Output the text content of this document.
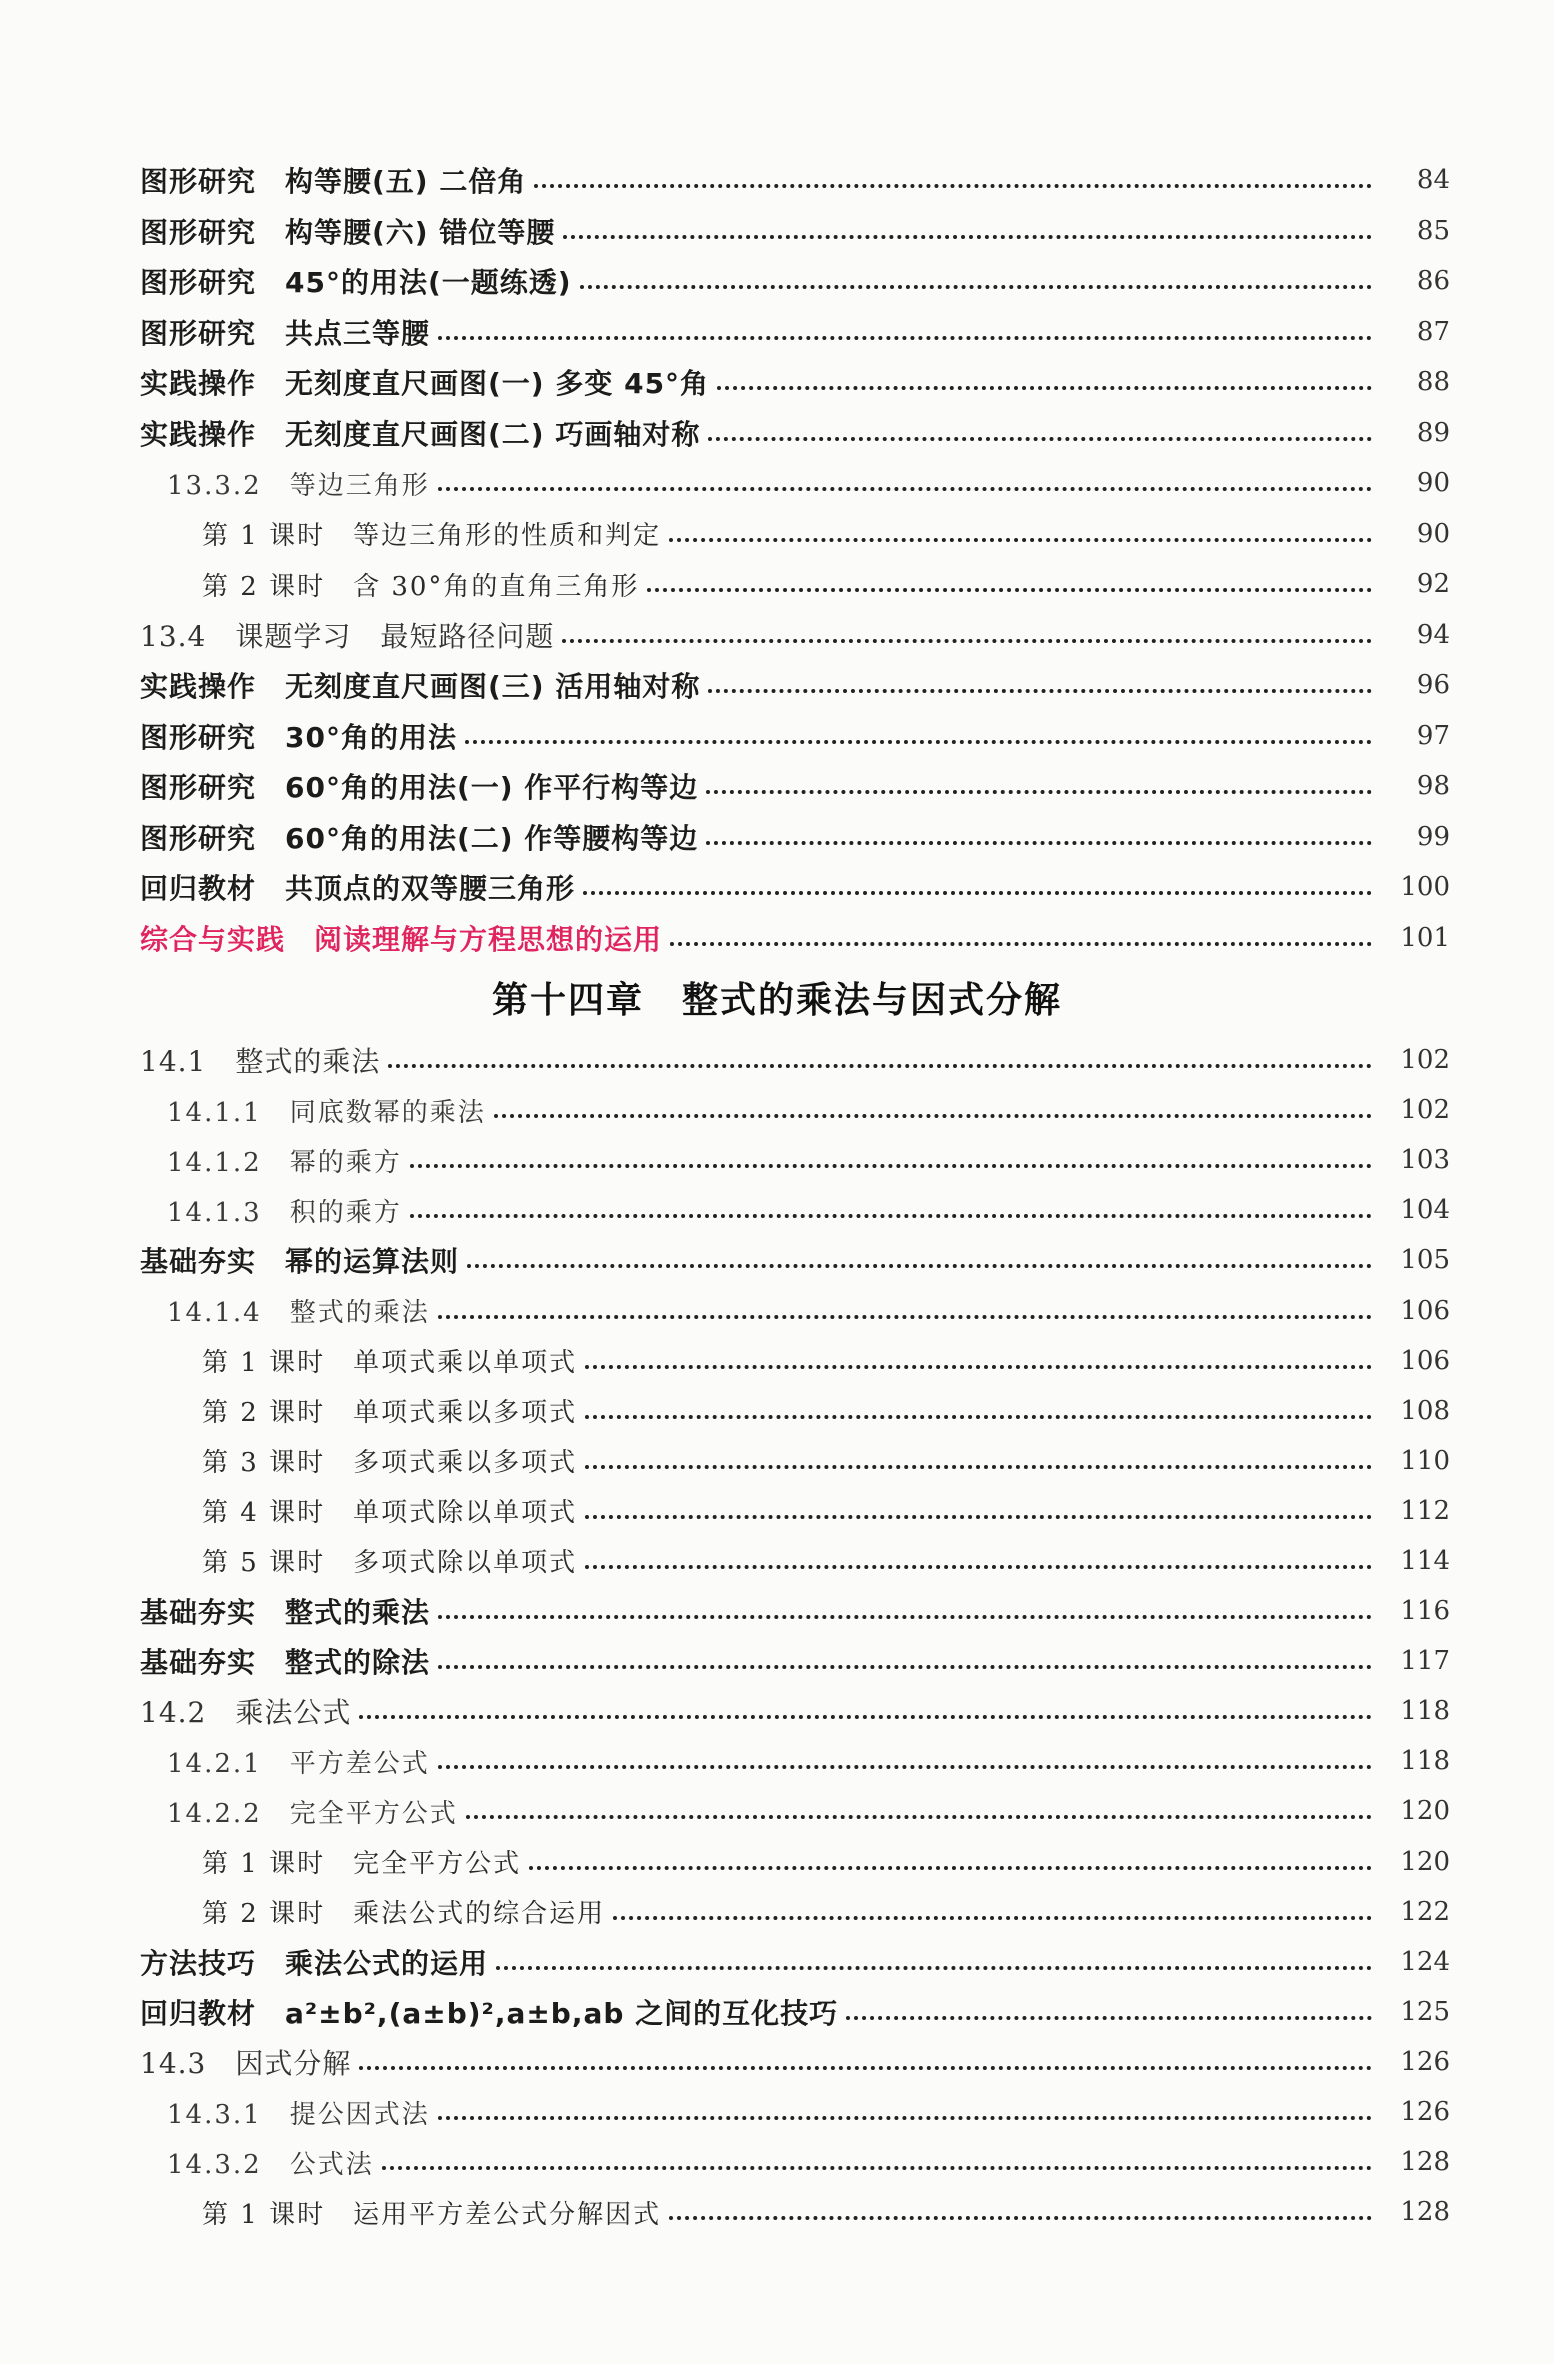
图形研究　构等腰(五) 二倍角	84
图形研究　构等腰(六) 错位等腰	85
图形研究　45°的用法(一题练透)	86
图形研究　共点三等腰	87
实践操作　无刻度直尺画图(一) 多变 45°角	88
实践操作　无刻度直尺画图(二) 巧画轴对称	89
13.3.2　等边三角形	90
第 1 课时　等边三角形的性质和判定	90
第 2 课时　含 30°角的直角三角形	92
13.4　课题学习　最短路径问题	94
实践操作　无刻度直尺画图(三) 活用轴对称	96
图形研究　30°角的用法	97
图形研究　60°角的用法(一) 作平行构等边	98
图形研究　60°角的用法(二) 作等腰构等边	99
回归教材　共顶点的双等腰三角形	100
综合与实践　阅读理解与方程思想的运用	101
第十四章　整式的乘法与因式分解
14.1　整式的乘法	102
14.1.1　同底数幂的乘法	102
14.1.2　幂的乘方	103
14.1.3　积的乘方	104
基础夯实　幂的运算法则	105
14.1.4　整式的乘法	106
第 1 课时　单项式乘以单项式	106
第 2 课时　单项式乘以多项式	108
第 3 课时　多项式乘以多项式	110
第 4 课时　单项式除以单项式	112
第 5 课时　多项式除以单项式	114
基础夯实　整式的乘法	116
基础夯实　整式的除法	117
14.2　乘法公式	118
14.2.1　平方差公式	118
14.2.2　完全平方公式	120
第 1 课时　完全平方公式	120
第 2 课时　乘法公式的综合运用	122
方法技巧　乘法公式的运用	124
回归教材　a²±b²,(a±b)²,a±b,ab 之间的互化技巧	125
14.3　因式分解	126
14.3.1　提公因式法	126
14.3.2　公式法	128
第 1 课时　运用平方差公式分解因式	128
